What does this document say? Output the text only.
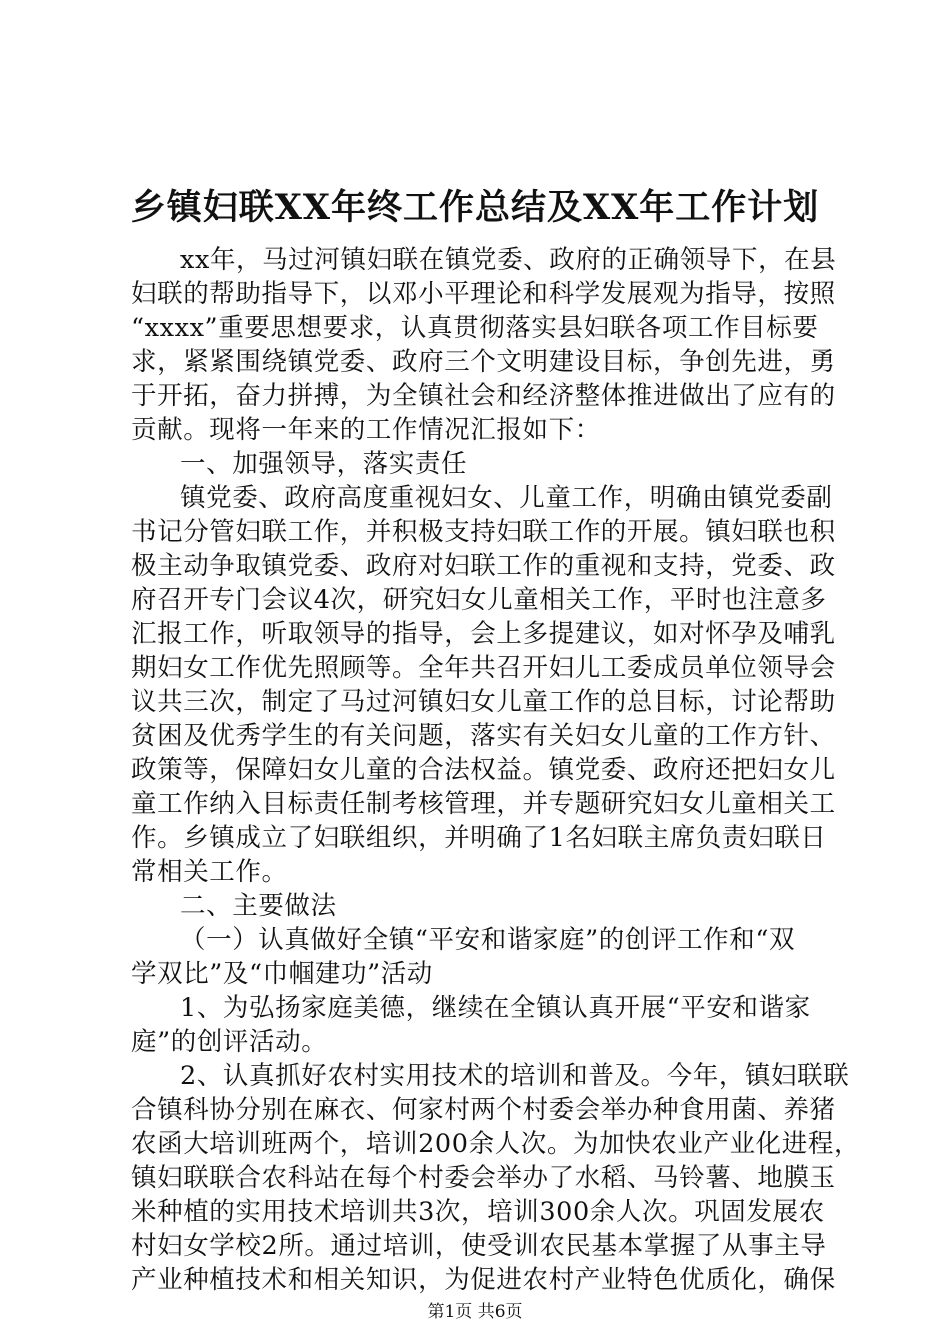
乡镇妇联XX年终工作总结及XX年工作计划
xx年，马过河镇妇联在镇党委、政府的正确领导下，在县
妇联的帮助指导下，以邓小平理论和科学发展观为指导，按照
“xxxx”重要思想要求，认真贯彻落实县妇联各项工作目标要
求，紧紧围绕镇党委、政府三个文明建设目标，争创先进，勇
于开拓，奋力拼搏，为全镇社会和经济整体推进做出了应有的
贡献。现将一年来的工作情况汇报如下：
一、加强领导，落实责任
镇党委、政府高度重视妇女、儿童工作，明确由镇党委副
书记分管妇联工作，并积极支持妇联工作的开展。镇妇联也积
极主动争取镇党委、政府对妇联工作的重视和支持，党委、政
府召开专门会议4次，研究妇女儿童相关工作，平时也注意多
汇报工作，听取领导的指导，会上多提建议，如对怀孕及哺乳
期妇女工作优先照顾等。全年共召开妇儿工委成员单位领导会
议共三次，制定了马过河镇妇女儿童工作的总目标，讨论帮助
贫困及优秀学生的有关问题，落实有关妇女儿童的工作方针、
政策等，保障妇女儿童的合法权益。镇党委、政府还把妇女儿
童工作纳入目标责任制考核管理，并专题研究妇女儿童相关工
作。乡镇成立了妇联组织，并明确了1名妇联主席负责妇联日
常相关工作。
二、主要做法
（一）认真做好全镇“平安和谐家庭”的创评工作和“双
学双比”及“巾帼建功”活动
1、为弘扬家庭美德，继续在全镇认真开展“平安和谐家
庭”的创评活动。
2、认真抓好农村实用技术的培训和普及。今年，镇妇联联
合镇科协分别在麻衣、何家村两个村委会举办种食用菌、养猪
农函大培训班两个，培训200余人次。为加快农业产业化进程，
镇妇联联合农科站在每个村委会举办了水稻、马铃薯、地膜玉
米种植的实用技术培训共3次，培训300余人次。巩固发展农
村妇女学校2所。通过培训，使受训农民基本掌握了从事主导
产业种植技术和相关知识，为促进农村产业特色优质化，确保
第1页 共6页
